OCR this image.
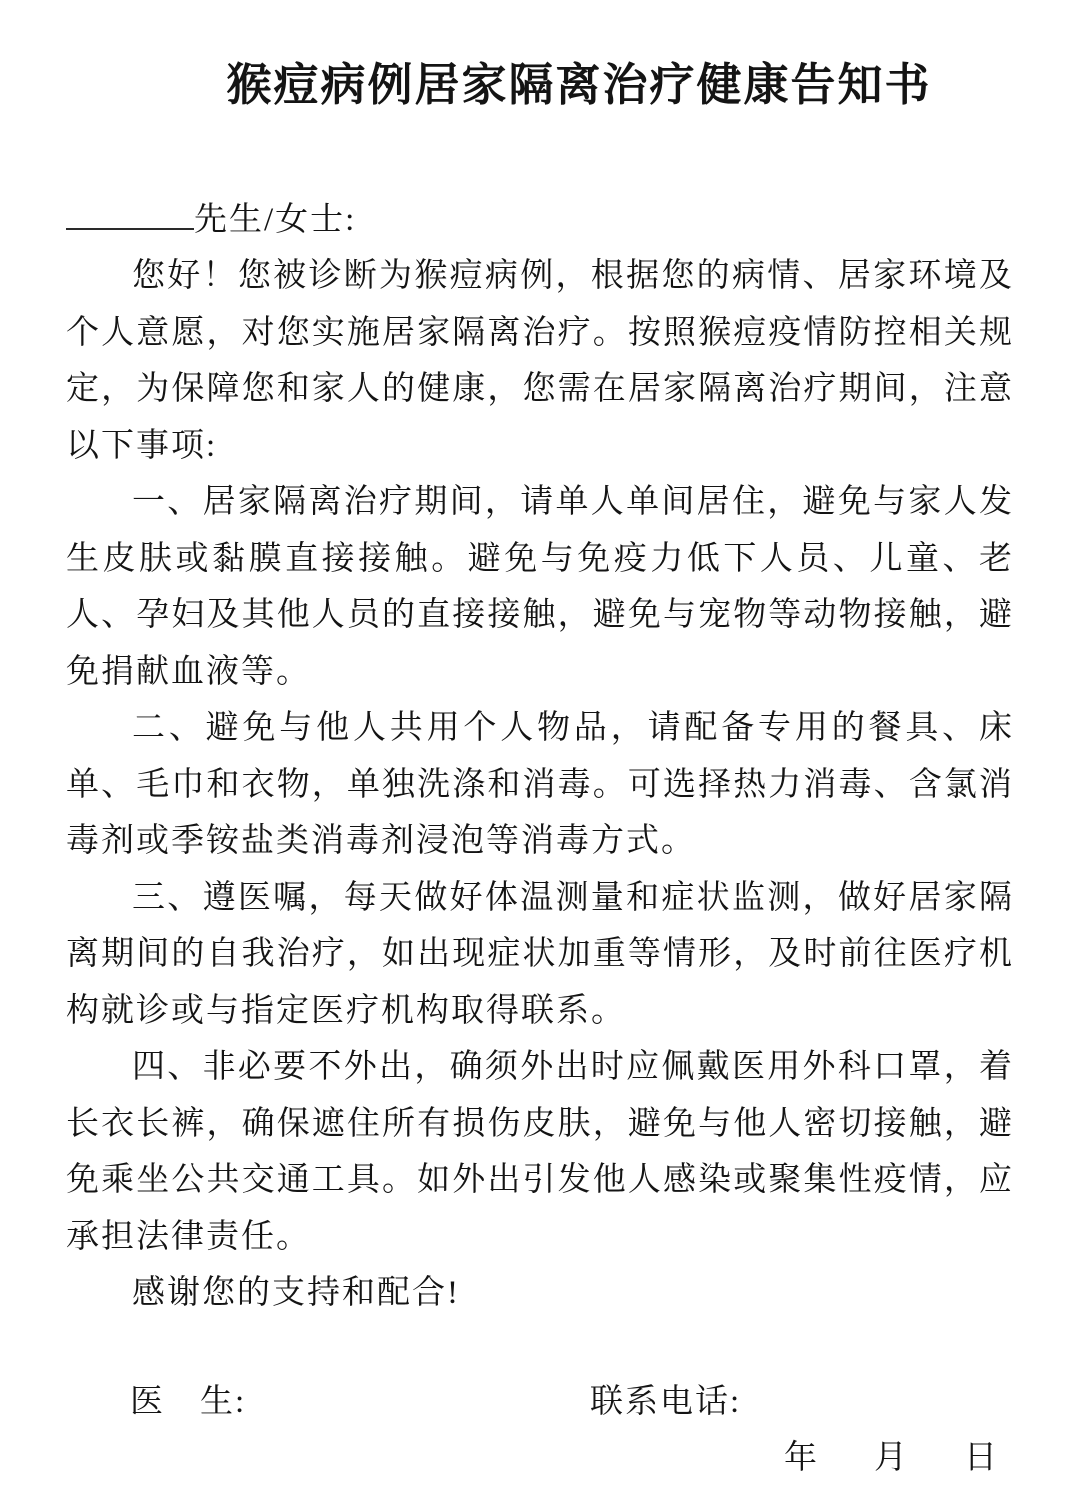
猴痘病例居家隔离治疗健康告知书
先生/女士:

您好！您被诊断为猴痘病例，根据您的病情、居家环境及个人意愿，对您实施居家隔离治疗。按照猴痘疫情防控相关规定，为保障您和家人的健康，您需在居家隔离治疗期间，注意以下事项:

一、居家隔离治疗期间，请单人单间居住，避免与家人发生皮肤或黏膜直接接触。避免与免疫力低下人员、儿童、老人、孕妇及其他人员的直接接触，避免与宠物等动物接触，避免捐献血液等。

二、避免与他人共用个人物品，请配备专用的餐具、床单、毛巾和衣物，单独洗涤和消毒。可选择热力消毒、含氯消毒剂或季铵盐类消毒剂浸泡等消毒方式。

三、遵医嘱，每天做好体温测量和症状监测，做好居家隔离期间的自我治疗，如出现症状加重等情形，及时前往医疗机构就诊或与指定医疗机构取得联系。

四、非必要不外出，确须外出时应佩戴医用外科口罩，着长衣长裤，确保遮住所有损伤皮肤，避免与他人密切接触，避免乘坐公共交通工具。如外出引发他人感染或聚集性疫情，应承担法律责任。

感谢您的支持和配合!

医　生:	联系电话:
年 月 日
